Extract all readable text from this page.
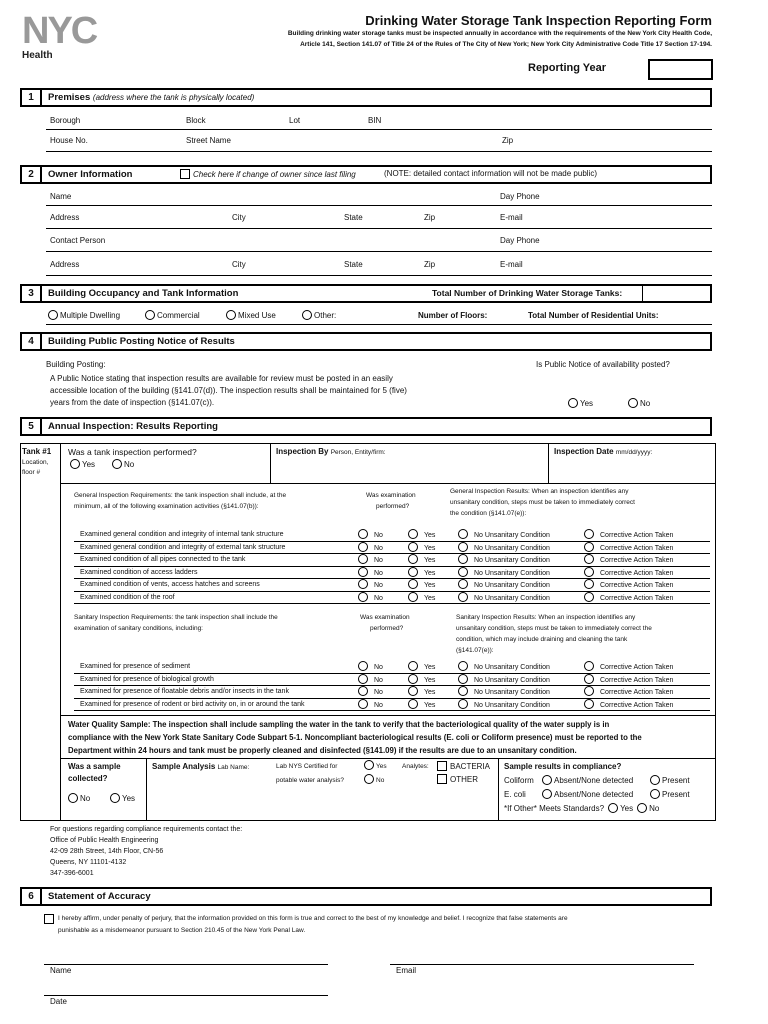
NYC
Health
Drinking Water Storage Tank Inspection Reporting Form
Building drinking water storage tanks must be inspected annually in accordance with the requirements of the New York City Health Code,
Article 141, Section 141.07 of Title 24 of the Rules of The City of New York; New York City Administrative Code Title 17 Section 17-194.
Reporting Year
1	Premises (address where the tank is physically located)
Borough	Block	Lot	BIN
House No.	Street Name	Zip
2	Owner Information	Check here if change of owner since last filing	(NOTE: detailed contact information will not be made public)
Name	Day Phone
Address	City	State	Zip	E-mail
Contact Person	Day Phone
Address	City	State	Zip	E-mail
3	Building Occupancy and Tank Information	Total Number of Drinking Water Storage Tanks:
Multiple Dwelling	Commercial	Mixed Use	Other:	Number of Floors:	Total Number of Residential Units:
4	Building Public Posting Notice of Results
Building Posting:
A Public Notice stating that inspection results are available for review must be posted in an easily
accessible location of the building (§141.07(d)). The inspection results shall be maintained for 5 (five)
years from the date of inspection (§141.07(c)).
Is Public Notice of availability posted?
Yes	No
5	Annual Inspection: Results Reporting
Tank #1
Location,
floor #
Was a tank inspection performed?
Yes	No
Inspection By Person, Entity/firm:	Inspection Date mm/dd/yyyy:
General Inspection Requirements: the tank inspection shall include, at the
minimum, all of the following examination activities (§141.07(b)):
Was examination
performed?
General Inspection Results: When an inspection identifies any
unsanitary condition, steps must be taken to immediately correct
the condition (§141.07(e)):
Examined general condition and integrity of internal tank structure	No	Yes	No Unsanitary Condition	Corrective Action Taken
Examined general condition and integrity of external tank structure	No	Yes	No Unsanitary Condition	Corrective Action Taken
Examined condition of all pipes connected to the tank	No	Yes	No Unsanitary Condition	Corrective Action Taken
Examined condition of access ladders	No	Yes	No Unsanitary Condition	Corrective Action Taken
Examined condition of vents, access hatches and screens	No	Yes	No Unsanitary Condition	Corrective Action Taken
Examined condition of the roof	No	Yes	No Unsanitary Condition	Corrective Action Taken
Sanitary Inspection Requirements: the tank inspection shall include the
examination of sanitary conditions, including:
Was examination
performed?
Sanitary Inspection Results: When an inspection identifies any
unsanitary condition, steps must be taken to immediately correct the
condition, which may include draining and cleaning the tank
(§141.07(e)):
Examined for presence of sediment	No	Yes	No Unsanitary Condition	Corrective Action Taken
Examined for presence of biological growth	No	Yes	No Unsanitary Condition	Corrective Action Taken
Examined for presence of floatable debris and/or insects in the tank	No	Yes	No Unsanitary Condition	Corrective Action Taken
Examined for presence of rodent or bird activity on, in or around the tank	No	Yes	No Unsanitary Condition	Corrective Action Taken
Water Quality Sample: The inspection shall include sampling the water in the tank to verify that the bacteriological quality of the water supply is in
compliance with the New York State Sanitary Code Subpart 5-1. Noncompliant bacteriological results (E. coli or Coliform presence) must be reported to the
Department within 24 hours and tank must be properly cleaned and disinfected (§141.09) if the results are due to an unsanitary condition.
Was a sample
collected?
No	Yes
Sample Analysis Lab Name:	Lab NYS Certified for
potable water analysis?
Yes
No
Analytes:	BACTERIA
OTHER
Sample results in compliance?
Coliform	Absent/None detected	Present
E. coli	Absent/None detected	Present
*If Other* Meets Standards? Yes No
For questions regarding compliance requirements contact the:
Office of Public Health Engineering
42-09 28th Street, 14th Floor, CN-56
Queens, NY 11101-4132
347-396-6001
6	Statement of Accuracy
I hereby affirm, under penalty of perjury, that the information provided on this form is true and correct to the best of my knowledge and belief. I recognize that false statements are
punishable as a misdemeanor pursuant to Section 210.45 of the New York Penal Law.
Name	Email
Date
